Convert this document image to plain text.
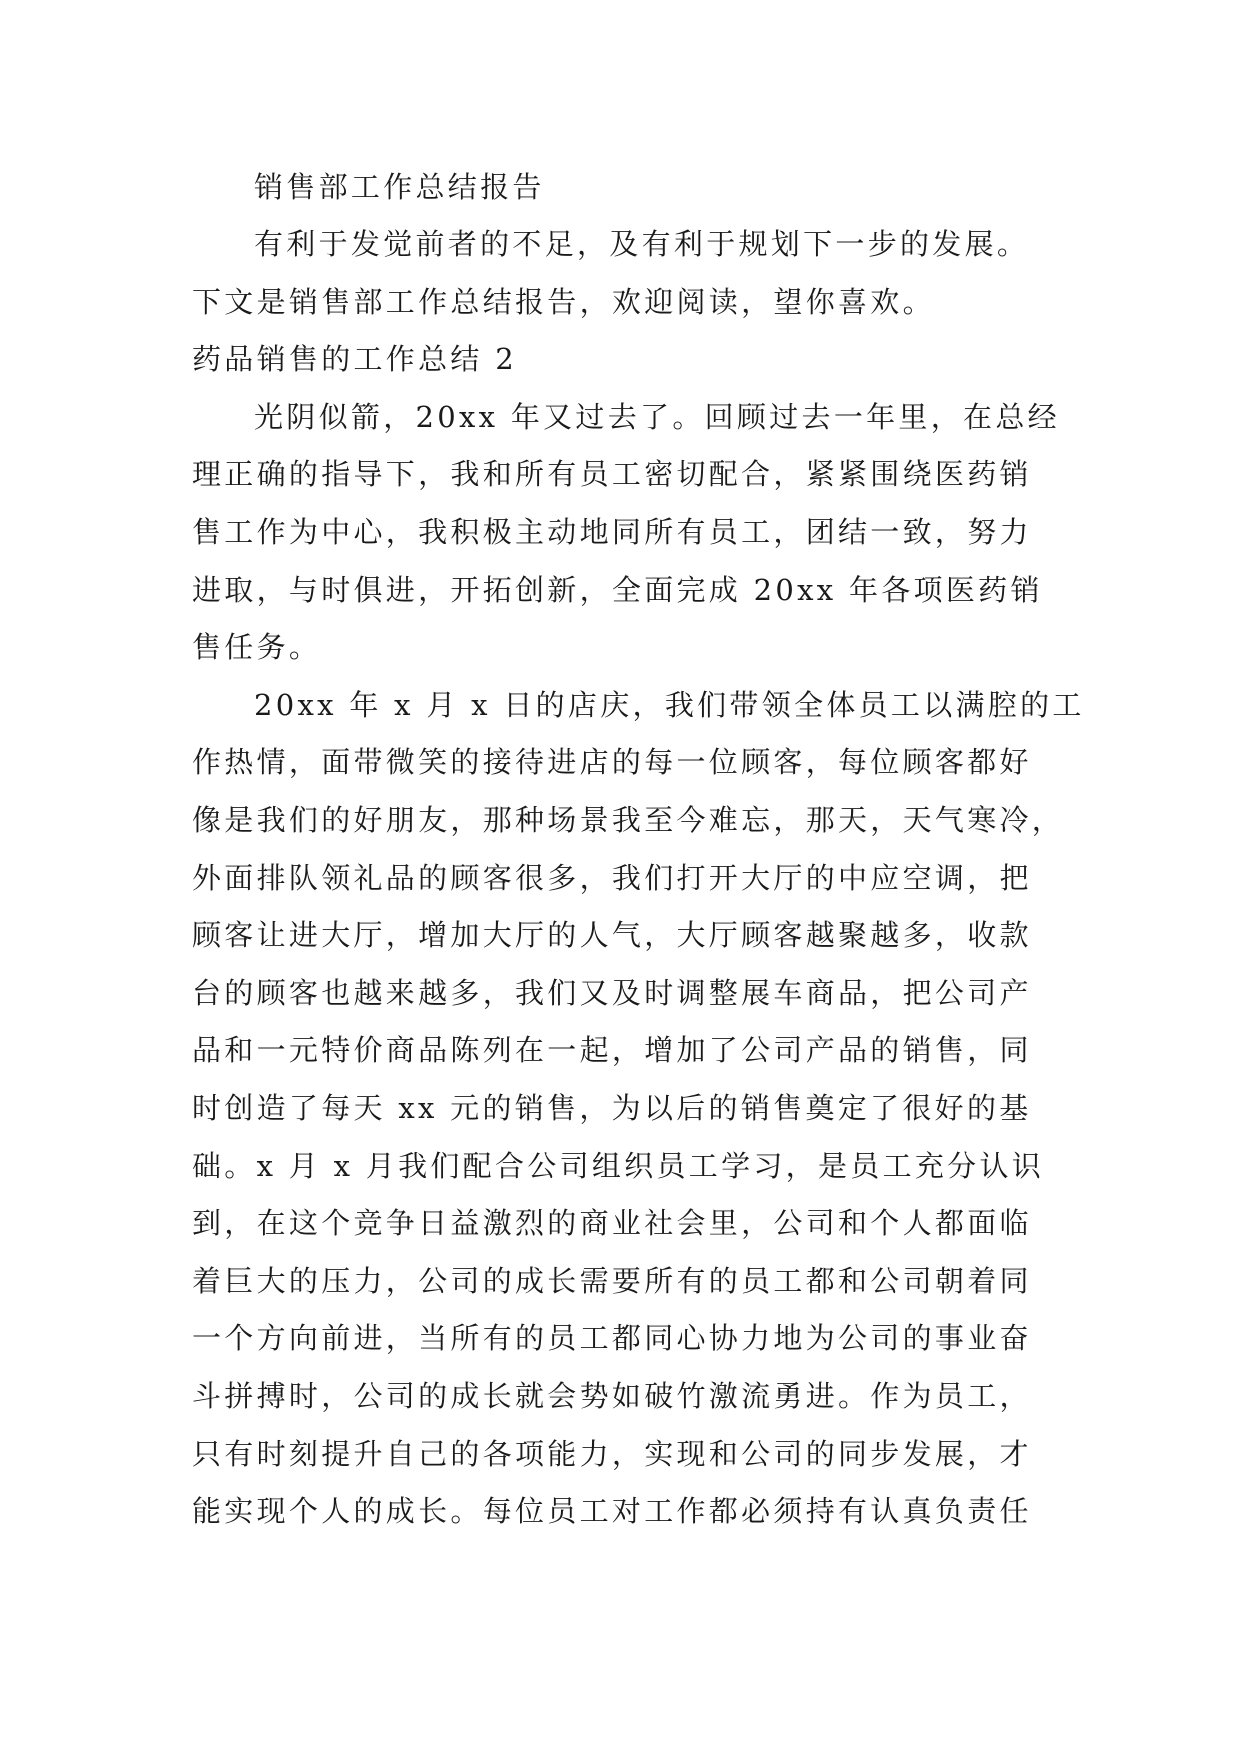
销售部工作总结报告
有利于发觉前者的不足，及有利于规划下一步的发展。
下文是销售部工作总结报告，欢迎阅读，望你喜欢。
药品销售的工作总结 2
光阴似箭，20xx 年又过去了。回顾过去一年里，在总经
理正确的指导下，我和所有员工密切配合，紧紧围绕医药销
售工作为中心，我积极主动地同所有员工，团结一致，努力
进取，与时俱进，开拓创新，全面完成 20xx 年各项医药销
售任务。
20xx 年 x 月 x 日的店庆，我们带领全体员工以满腔的工
作热情，面带微笑的接待进店的每一位顾客，每位顾客都好
像是我们的好朋友，那种场景我至今难忘，那天，天气寒冷，
外面排队领礼品的顾客很多，我们打开大厅的中应空调，把
顾客让进大厅，增加大厅的人气，大厅顾客越聚越多，收款
台的顾客也越来越多，我们又及时调整展车商品，把公司产
品和一元特价商品陈列在一起，增加了公司产品的销售，同
时创造了每天 xx 元的销售，为以后的销售奠定了很好的基
础。x 月 x 月我们配合公司组织员工学习，是员工充分认识
到，在这个竞争日益激烈的商业社会里，公司和个人都面临
着巨大的压力，公司的成长需要所有的员工都和公司朝着同
一个方向前进，当所有的员工都同心协力地为公司的事业奋
斗拼搏时，公司的成长就会势如破竹激流勇进。作为员工，
只有时刻提升自己的各项能力，实现和公司的同步发展，才
能实现个人的成长。每位员工对工作都必须持有认真负责任
